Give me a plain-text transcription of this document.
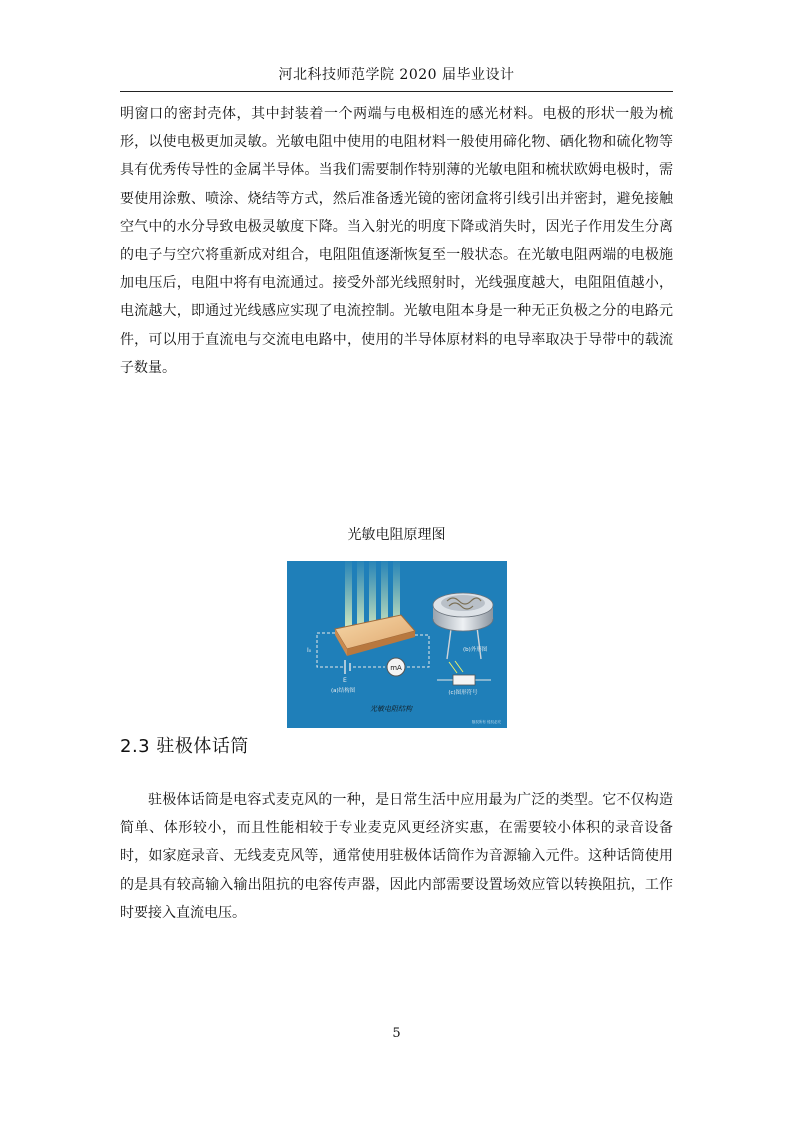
河北科技师范学院 2020 届毕业设计

明窗口的密封壳体，其中封装着一个两端与电极相连的感光材料。电极的形状一般为梳形，以使电极更加灵敏。光敏电阻中使用的电阻材料一般使用碲化物、硒化物和硫化物等具有优秀传导性的金属半导体。当我们需要制作特别薄的光敏电阻和梳状欧姆电极时，需要使用涂敷、喷涂、烧结等方式，然后准备透光镜的密闭盒将引线引出并密封，避免接触空气中的水分导致电极灵敏度下降。当入射光的明度下降或消失时，因光子作用发生分离的电子与空穴将重新成对组合，电阻阻值逐渐恢复至一般状态。在光敏电阻两端的电极施加电压后，电阻中将有电流通过。接受外部光线照射时，光线强度越大，电阻阻值越小，电流越大，即通过光线感应实现了电流控制。光敏电阻本身是一种无正负极之分的电路元件，可以用于直流电与交流电电路中，使用的半导体原材料的电导率取决于导带中的载流子数量。

光敏电阻原理图
mA
I₀
E
(a)结构图
(b)外形图
(c)图形符号
光敏电阻结构
版权所有 侵权必究
2.3 驻极体话筒

驻极体话筒是电容式麦克风的一种，是日常生活中应用最为广泛的类型。它不仅构造简单、体形较小，而且性能相较于专业麦克风更经济实惠，在需要较小体积的录音设备时，如家庭录音、无线麦克风等，通常使用驻极体话筒作为音源输入元件。这种话筒使用的是具有较高输入输出阻抗的电容传声器，因此内部需要设置场效应管以转换阻抗，工作时要接入直流电压。

5
